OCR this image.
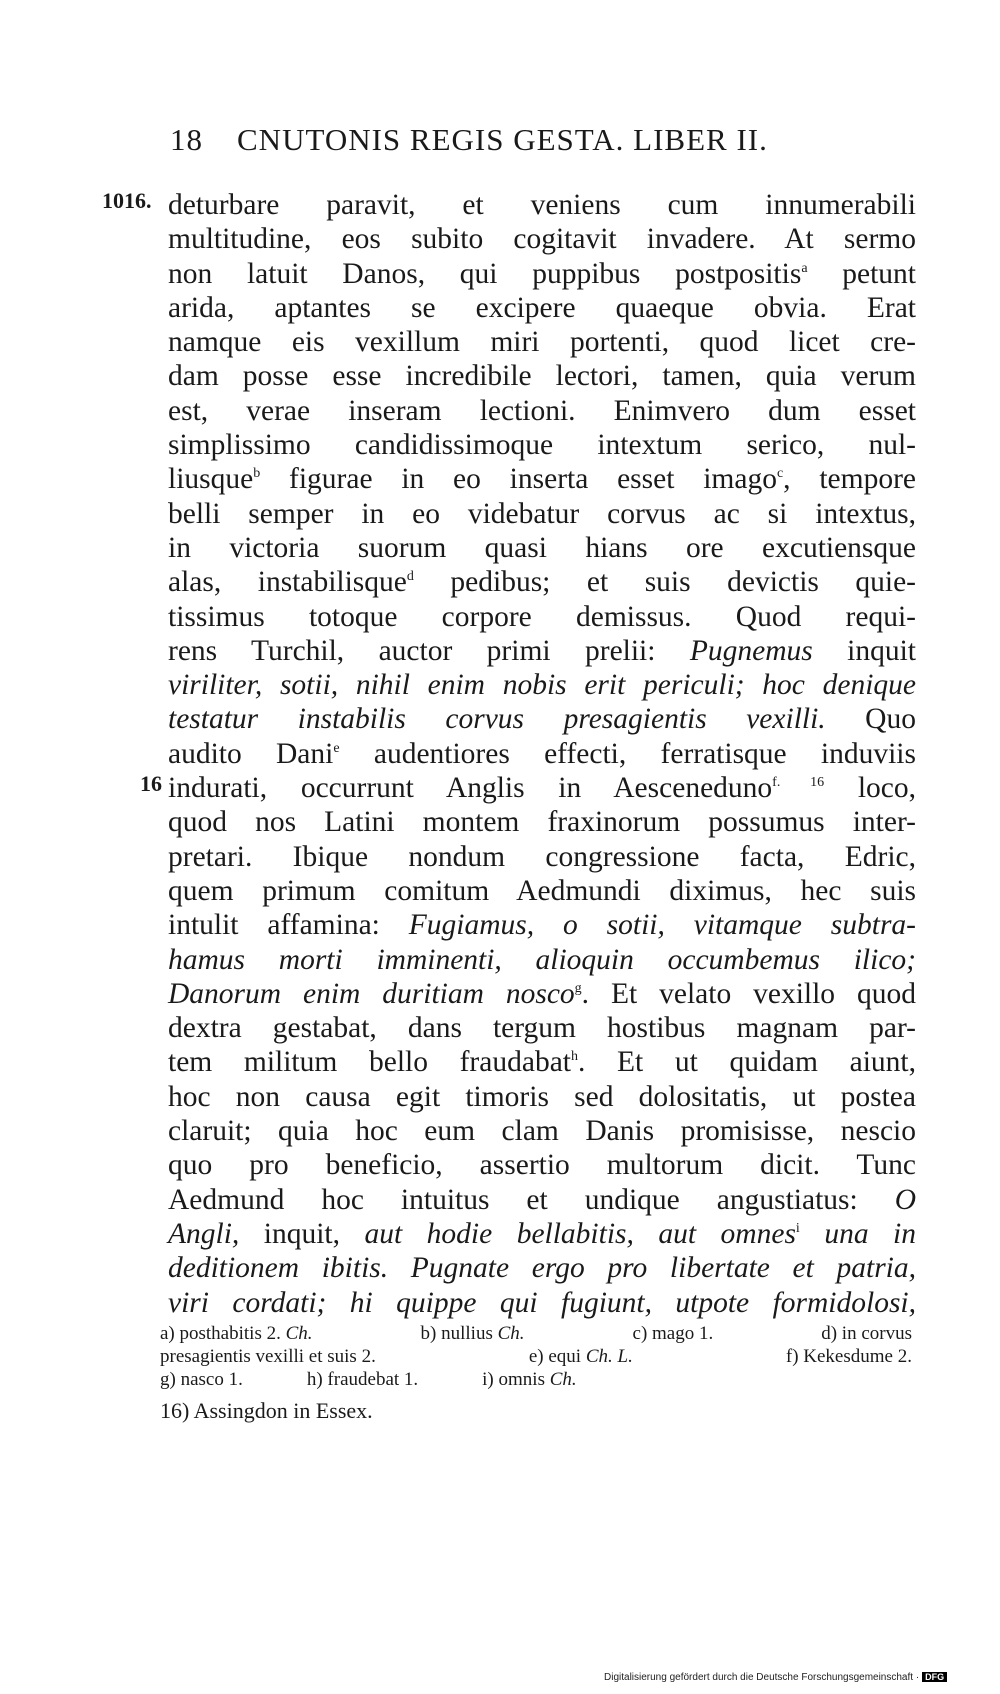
18 CNUTONIS REGIS GESTA. LIBER II.
1016. deturbare paravit, et veniens cum innumerabili
multitudine, eos subito cogitavit invadere. At sermo
non latuit Danos, qui puppibus postpositis$^a$ petunt
arida, aptantes se excipere quaeque obvia. Erat
namque eis vexillum miri portenti, quod licet cre-
dam posse esse incredibile lectori, tamen, quia verum
est, verae inseram lectioni. Enimvero dum esset
simplissimo candidissimoque intextum serico, nul-
liusque$^b$ figurae in eo inserta esset imago$^c$, tempore
belli semper in eo videbatur corvus ac si intextus,
in victoria suorum quasi hians ore excutiensque
alas, instabilisque$^d$ pedibus; et suis devictis quie-
tissimus totoque corpore demissus. Quod requi-
rens Turchil, auctor primi prelii: Pugnemus inquit
viriliter, sotii, nihil enim nobis erit periculi; hoc denique
testatur instabilis corvus presagientis vexilli. Quo
audito Dani$^e$ audentiores effecti, ferratisque induviis
16 indurati, occurrunt Anglis in Aesceneduno$^{f. 16}$ loco,
quod nos Latini montem fraxinorum possumus inter-
pretari. Ibique nondum congressione facta, Edric,
quem primum comitum Aedmundi diximus, hec suis
intulit affamina: Fugiamus, o sotii, vitamque subtra-
hamus morti imminenti, alioquin occumbemus ilico;
Danorum enim duritiam nosco$^g$. Et velato vexillo quod
dextra gestabat, dans tergum hostibus magnam par-
tem militum bello fraudabat$^h$. Et ut quidam aiunt,
hoc non causa egit timoris sed dolositatis, ut postea
claruit; quia hoc eum clam Danis promisisse, nescio
quo pro beneficio, assertio multorum dicit. Tunc
Aedmund hoc intuitus et undique angustiatus: O
Angli, inquit, aut hodie bellabitis, aut omnes$^i$ una in
deditionem ibitis. Pugnate ergo pro libertate et patria,
viri cordati; hi quippe qui fugiunt, utpote formidolosi,
a) posthabitis 2. Ch.	b) nullius Ch.	c) mago 1.	d) in corvus
presagientis vexilli et suis 2.	e) equi Ch. L.	f) Kekesdume 2.
g) nasco 1.	h) fraudebat 1.	i) omnis Ch.
16) Assingdon in Essex.
Digitalisierung gefördert durch die Deutsche Forschungsgemeinschaft · DFG
